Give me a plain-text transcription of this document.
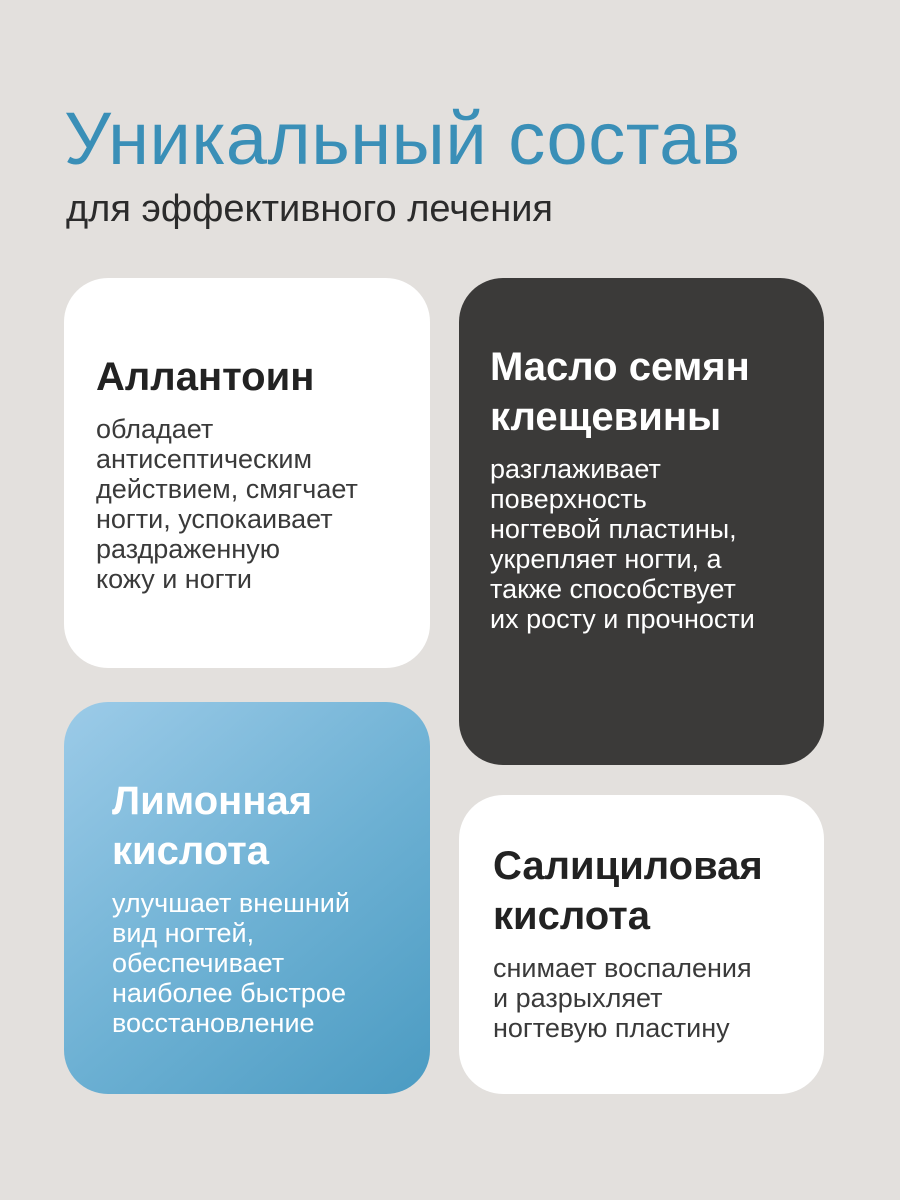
Уникальный состав
для эффективного лечения
Аллантоин

обладает
антисептическим
действием, смягчает
ногти, успокаивает
раздраженную
кожу и ногти

Масло семян
клещевины

разглаживает
поверхность
ногтевой пластины,
укрепляет ногти, а
также способствует
их росту и прочности

Лимонная
кислота

улучшает внешний
вид ногтей,
обеспечивает
наиболее быстрое
восстановление

Салициловая
кислота

снимает воспаления
и разрыхляет
ногтевую пластину
